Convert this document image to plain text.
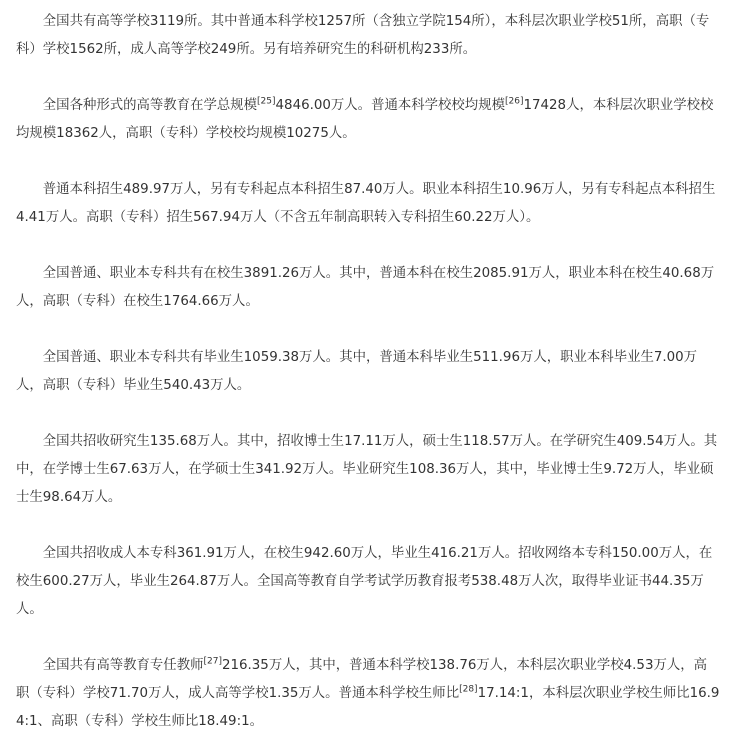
全国共有高等学校3119所。其中普通本科学校1257所（含独立学院154所），本科层次职业学校51所，高职（专科）学校1562所，成人高等学校249所。另有培养研究生的科研机构233所。

全国各种形式的高等教育在学总规模[25]4846.00万人。普通本科学校校均规模[26]17428人，本科层次职业学校校均规模18362人，高职（专科）学校校均规模10275人。

普通本科招生489.97万人，另有专科起点本科招生87.40万人。职业本科招生10.96万人，另有专科起点本科招生4.41万人。高职（专科）招生567.94万人（不含五年制高职转入专科招生60.22万人）。

全国普通、职业本专科共有在校生3891.26万人。其中，普通本科在校生2085.91万人，职业本科在校生40.68万人，高职（专科）在校生1764.66万人。

全国普通、职业本专科共有毕业生1059.38万人。其中，普通本科毕业生511.96万人，职业本科毕业生7.00万人，高职（专科）毕业生540.43万人。

全国共招收研究生135.68万人。其中，招收博士生17.11万人，硕士生118.57万人。在学研究生409.54万人。其中，在学博士生67.63万人，在学硕士生341.92万人。毕业研究生108.36万人，其中，毕业博士生9.72万人，毕业硕士生98.64万人。

全国共招收成人本专科361.91万人，在校生942.60万人，毕业生416.21万人。招收网络本专科150.00万人，在校生600.27万人，毕业生264.87万人。全国高等教育自学考试学历教育报考538.48万人次，取得毕业证书44.35万人。

全国共有高等教育专任教师[27]216.35万人，其中，普通本科学校138.76万人，本科层次职业学校4.53万人，高职（专科）学校71.70万人，成人高等学校1.35万人。普通本科学校生师比[28]17.14:1，本科层次职业学校生师比16.94:1、高职（专科）学校生师比18.49:1。
